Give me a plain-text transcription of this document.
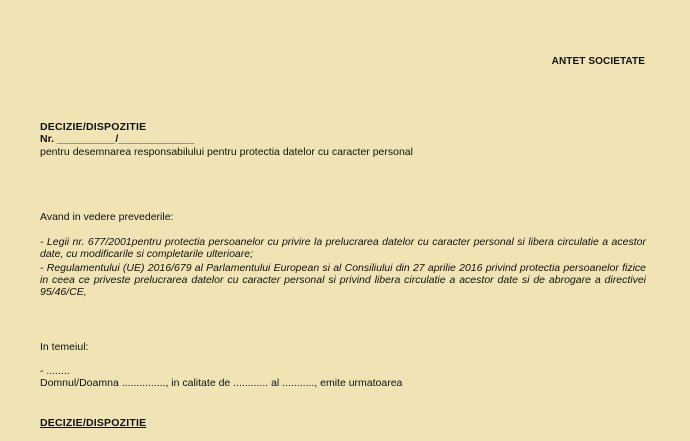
ANTET SOCIETATE
DECIZIE/DISPOZITIE
Nr. __________/_____________
pentru desemnarea responsabilului pentru protectia datelor cu caracter personal
Avand in vedere prevederile:
- Legii nr. 677/2001pentru protectia persoanelor cu privire la prelucrarea datelor cu caracter personal si libera circulatie a acestor date, cu modificarile si completarile ulterioare;
- Regulamentului (UE) 2016/679 al Parlamentului European si al Consiliului din 27 aprilie 2016 privind protectia persoanelor fizice in ceea ce priveste prelucrarea datelor cu caracter personal si privind libera circulatie a acestor date si de abrogare a directivei 95/46/CE,
In temeiul:
- ........
Domnul/Doamna ..............., in calitate de ............ al ..........., emite urmatoarea
DECIZIE/DISPOZITIE
